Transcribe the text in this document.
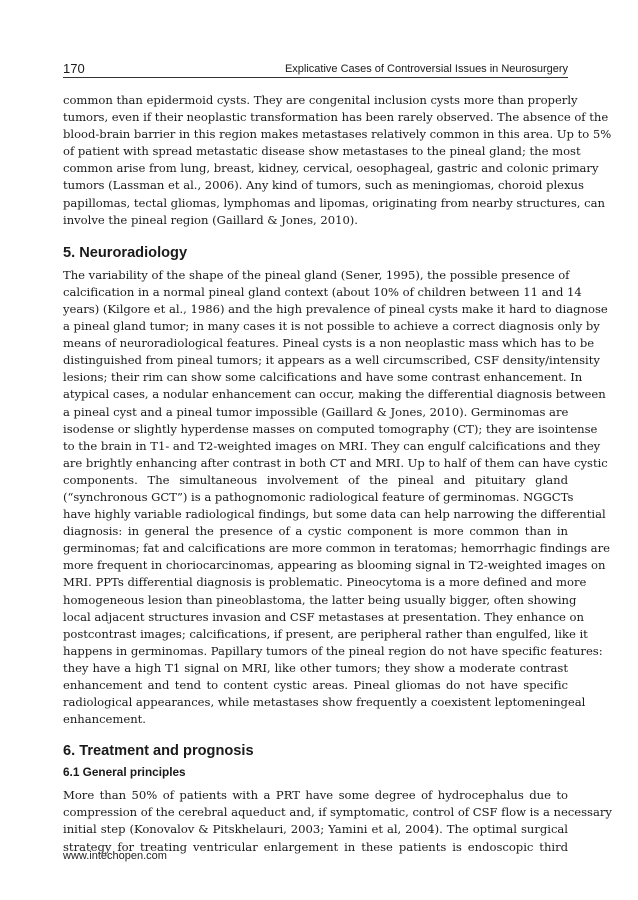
170	Explicative Cases of Controversial Issues in Neurosurgery

common than epidermoid cysts. They are congenital inclusion cysts more than properly
tumors, even if their neoplastic transformation has been rarely observed. The absence of the
blood-brain barrier in this region makes metastases relatively common in this area. Up to 5%
of patient with spread metastatic disease show metastases to the pineal gland; the most
common arise from lung, breast, kidney, cervical, oesophageal, gastric and colonic primary
tumors (Lassman et al., 2006). Any kind of tumors, such as meningiomas, choroid plexus
papillomas, tectal gliomas, lymphomas and lipomas, originating from nearby structures, can
involve the pineal region (Gaillard & Jones, 2010).

5. Neuroradiology

The variability of the shape of the pineal gland (Sener, 1995), the possible presence of
calcification in a normal pineal gland context (about 10% of children between 11 and 14
years) (Kilgore et al., 1986) and the high prevalence of pineal cysts make it hard to diagnose
a pineal gland tumor; in many cases it is not possible to achieve a correct diagnosis only by
means of neuroradiological features. Pineal cysts is a non neoplastic mass which has to be
distinguished from pineal tumors; it appears as a well circumscribed, CSF density/intensity
lesions; their rim can show some calcifications and have some contrast enhancement. In
atypical cases, a nodular enhancement can occur, making the differential diagnosis between
a pineal cyst and a pineal tumor impossible (Gaillard & Jones, 2010). Germinomas are
isodense or slightly hyperdense masses on computed tomography (CT); they are isointense
to the brain in T1- and T2-weighted images on MRI. They can engulf calcifications and they
are brightly enhancing after contrast in both CT and MRI. Up to half of them can have cystic
components. The simultaneous involvement of the pineal and pituitary gland
(“synchronous GCT”) is a pathognomonic radiological feature of germinomas. NGGCTs
have highly variable radiological findings, but some data can help narrowing the differential
diagnosis: in general the presence of a cystic component is more common than in
germinomas; fat and calcifications are more common in teratomas; hemorrhagic findings are
more frequent in choriocarcinomas, appearing as blooming signal in T2-weighted images on
MRI. PPTs differential diagnosis is problematic. Pineocytoma is a more defined and more
homogeneous lesion than pineoblastoma, the latter being usually bigger, often showing
local adjacent structures invasion and CSF metastases at presentation. They enhance on
postcontrast images; calcifications, if present, are peripheral rather than engulfed, like it
happens in germinomas. Papillary tumors of the pineal region do not have specific features:
they have a high T1 signal on MRI, like other tumors; they show a moderate contrast
enhancement and tend to content cystic areas. Pineal gliomas do not have specific
radiological appearances, while metastases show frequently a coexistent leptomeningeal
enhancement.

6. Treatment and prognosis
6.1 General principles

More than 50% of patients with a PRT have some degree of hydrocephalus due to
compression of the cerebral aqueduct and, if symptomatic, control of CSF flow is a necessary
initial step (Konovalov & Pitskhelauri, 2003; Yamini et al, 2004). The optimal surgical
strategy for treating ventricular enlargement in these patients is endoscopic third

www.intechopen.com
